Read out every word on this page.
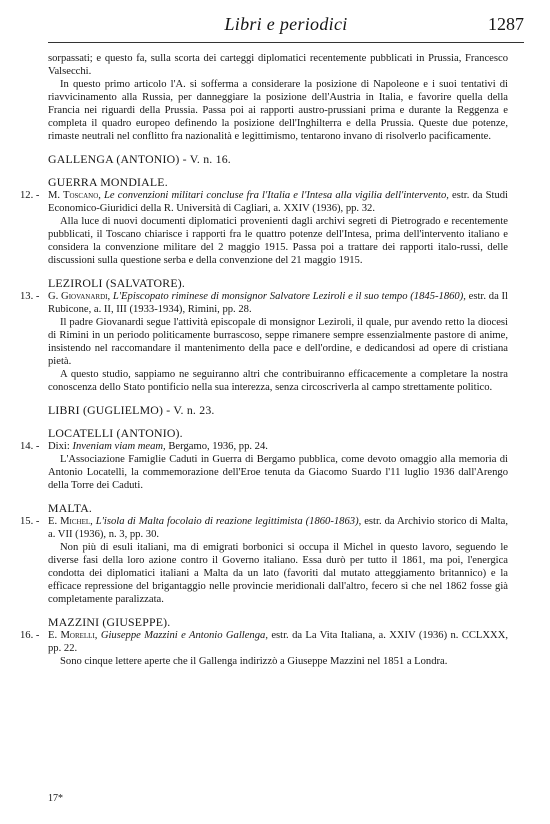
Libri e periodici	1287

sorpassati; e questo fa, sulla scorta dei carteggi diplomatici recentemente pubblicati in Prussia, Francesco Valsecchi.

In questo primo articolo l'A. si sofferma a considerare la posizione di Napoleone e i suoi tentativi di riavvicinamento alla Russia, per danneggiare la posizione dell'Austria in Italia, e favorire quella della Francia nei riguardi della Prussia. Passa poi ai rapporti austro-prussiani prima e durante la Reggenza e completa il quadro europeo definendo la posizione dell'Inghilterra e della Prussia. Queste due potenze, rimaste neutrali nel conflitto fra nazionalità e legittimismo, tentarono invano di risolverlo pacificamente.

GALLENGA (ANTONIO) - V. n. 16.

GUERRA MONDIALE.

12. - M. Toscano, Le convenzioni militari concluse fra l'Italia e l'Intesa alla vigilia dell'intervento, estr. da Studi Economico-Giuridici della R. Università di Cagliari, a. XXIV (1936), pp. 32.

Alla luce di nuovi documenti diplomatici provenienti dagli archivi segreti di Pietrogrado e recentemente pubblicati, il Toscano chiarisce i rapporti fra le quattro potenze dell'Intesa, prima dell'intervento italiano e considera la convenzione militare del 2 maggio 1915. Passa poi a trattare dei rapporti italo-russi, delle discussioni sulla questione serba e della convenzione del 21 maggio 1915.

LEZIROLI (SALVATORE).

13. - G. Giovanardi, L'Episcopato riminese di monsignor Salvatore Leziroli e il suo tempo (1845-1860), estr. da Il Rubicone, a. II, III (1933-1934), Rimini, pp. 28.

Il padre Giovanardi segue l'attività episcopale di monsignor Leziroli, il quale, pur avendo retto la diocesi di Rimini in un periodo politicamente burrascoso, seppe rimanere sempre essenzialmente pastore di anime, insistendo nel raccomandare il mantenimento della pace e dell'ordine, e dedicandosi ad opere di cristiana pietà.

A questo studio, sappiamo ne seguiranno altri che contribuiranno efficacemente a completare la nostra conoscenza dello Stato pontificio nella sua interezza, senza circoscriverla al campo strettamente politico.

LIBRI (GUGLIELMO) - V. n. 23.

LOCATELLI (ANTONIO).

14. - Dixi: Inveniam viam meam, Bergamo, 1936, pp. 24.

L'Associazione Famiglie Caduti in Guerra di Bergamo pubblica, come devoto omaggio alla memoria di Antonio Locatelli, la commemorazione dell'Eroe tenuta da Giacomo Suardo l'11 luglio 1936 dall'Arengo della Torre dei Caduti.

MALTA.

15. - E. Michel, L'isola di Malta focolaio di reazione legittimista (1860-1863), estr. da Archivio storico di Malta, a. VII (1936), n. 3, pp. 30.

Non più di esuli italiani, ma di emigrati borbonici si occupa il Michel in questo lavoro, seguendo le diverse fasi della loro azione contro il Governo italiano. Essa durò per tutto il 1861, ma poi, l'energica condotta dei diplomatici italiani a Malta da un lato (favoriti dal mutato atteggiamento britannico) e la efficace repressione del brigantaggio nelle provincie meridionali dall'altro, fecero sì che nel 1862 fosse già completamente paralizzata.

MAZZINI (GIUSEPPE).

16. - E. Morelli, Giuseppe Mazzini e Antonio Gallenga, estr. da La Vita Italiana, a. XXIV (1936) n. CCLXXX, pp. 22.

Sono cinque lettere aperte che il Gallenga indirizzò a Giuseppe Mazzini nel 1851 a Londra.

17*
